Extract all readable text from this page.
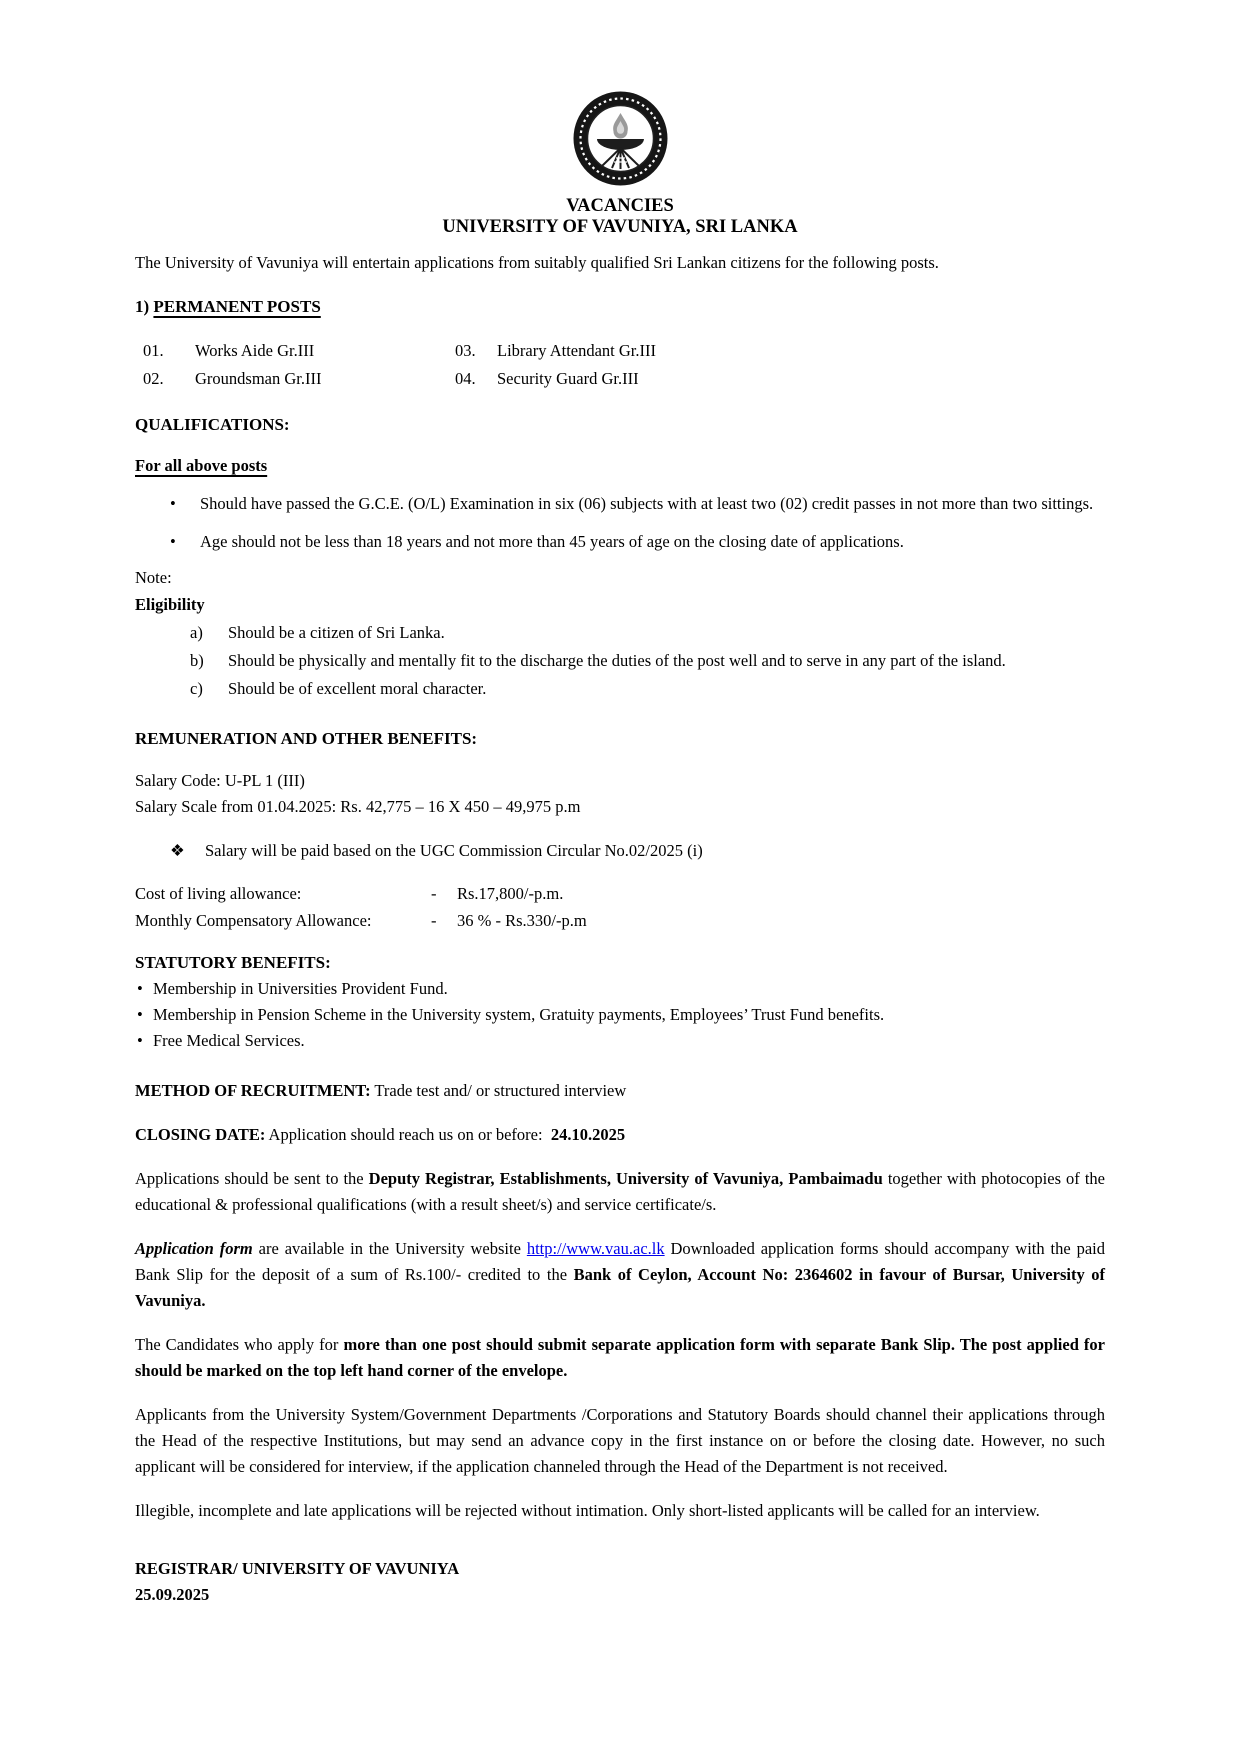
VACANCIES
UNIVERSITY OF VAVUNIYA, SRI LANKA

The University of Vavuniya will entertain applications from suitably qualified Sri Lankan citizens for the following posts.

1) PERMANENT POSTS
01.	Works Aide Gr.III	03.	Library Attendant Gr.III
02.	Groundsman Gr.III	04.	Security Guard Gr.III
QUALIFICATIONS:
For all above posts
•	Should have passed the G.C.E. (O/L) Examination in six (06) subjects with at least two (02) credit passes in not more than two sittings.
•	Age should not be less than 18 years and not more than 45 years of age on the closing date of applications.
Note:
Eligibility
a)	Should be a citizen of Sri Lanka.
b)	Should be physically and mentally fit to the discharge the duties of the post well and to serve in any part of the island.
c)	Should be of excellent moral character.
REMUNERATION AND OTHER BENEFITS:
Salary Code: U-PL 1 (III)
Salary Scale from 01.04.2025: Rs. 42,775 – 16 X 450 – 49,975 p.m
❖	Salary will be paid based on the UGC Commission Circular No.02/2025 (i)
Cost of living allowance:	-	Rs.17,800/-p.m.
Monthly Compensatory Allowance:	-	36 % - Rs.330/-p.m
STATUTORY BENEFITS:
• Membership in Universities Provident Fund.
• Membership in Pension Scheme in the University system, Gratuity payments, Employees’ Trust Fund benefits.
• Free Medical Services.

METHOD OF RECRUITMENT: Trade test and/ or structured interview

CLOSING DATE: Application should reach us on or before:  24.10.2025

Applications should be sent to the Deputy Registrar, Establishments, University of Vavuniya, Pambaimadu together with photocopies of the educational & professional qualifications (with a result sheet/s) and service certificate/s.

Application form are available in the University website http://www.vau.ac.lk Downloaded application forms should accompany with the paid Bank Slip for the deposit of a sum of Rs.100/- credited to the Bank of Ceylon, Account No: 2364602 in favour of Bursar, University of Vavuniya.

The Candidates who apply for more than one post should submit separate application form with separate Bank Slip. The post applied for should be marked on the top left hand corner of the envelope.

Applicants from the University System/Government Departments /Corporations and Statutory Boards should channel their applications through the Head of the respective Institutions, but may send an advance copy in the first instance on or before the closing date. However, no such applicant will be considered for interview, if the application channeled through the Head of the Department is not received.

Illegible, incomplete and late applications will be rejected without intimation. Only short-listed applicants will be called for an interview.

REGISTRAR/ UNIVERSITY OF VAVUNIYA
25.09.2025
